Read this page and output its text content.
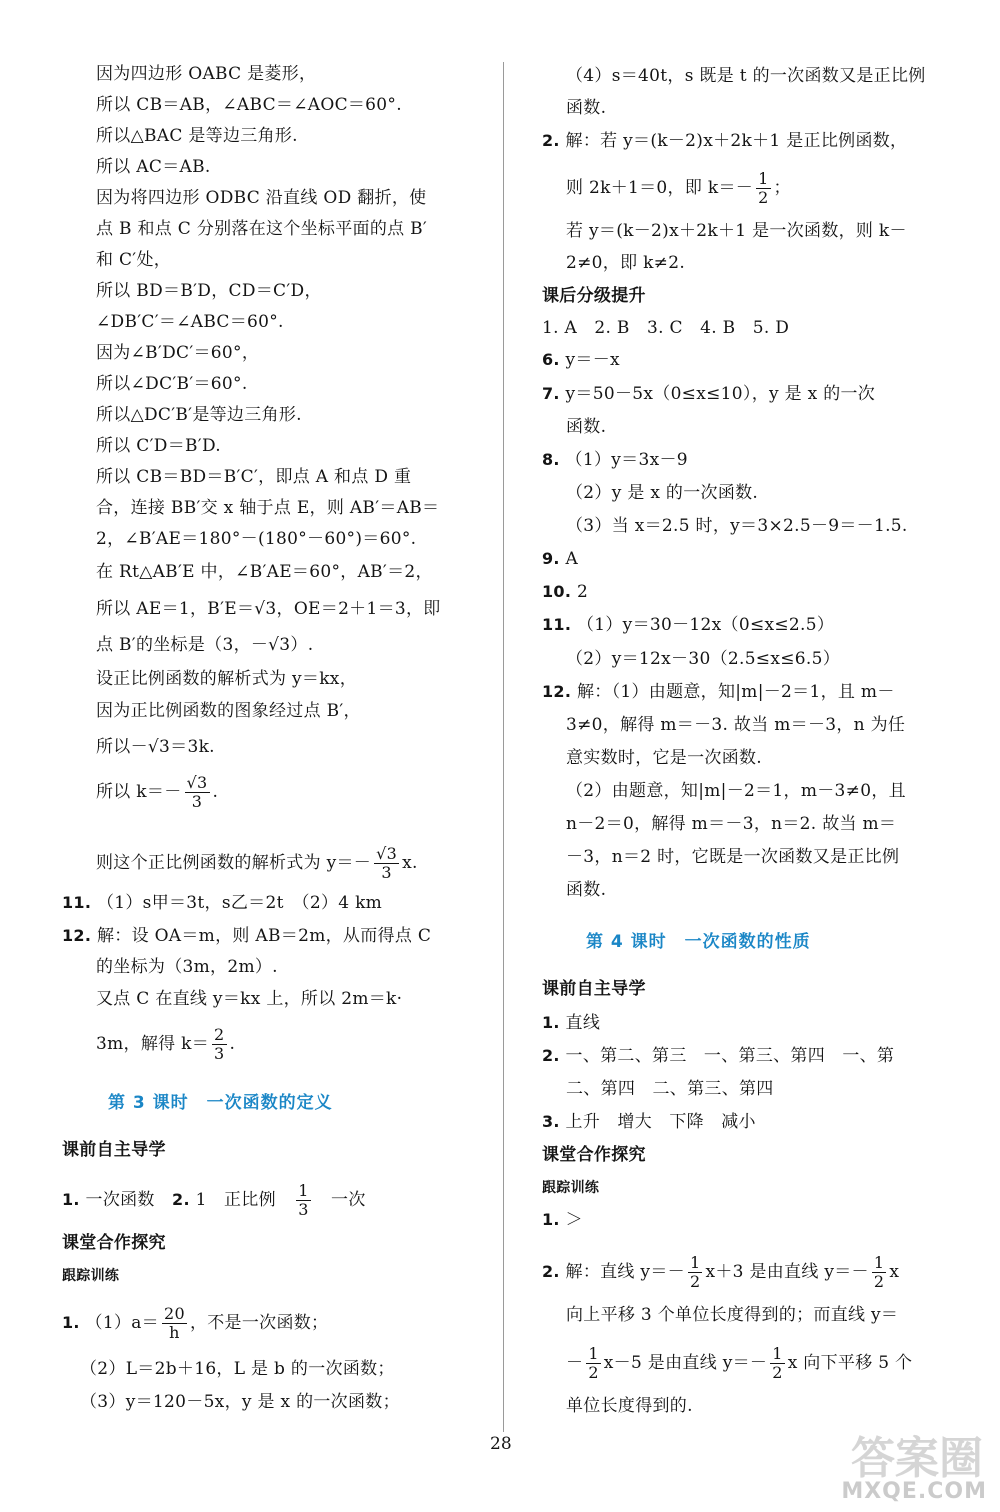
因为四边形 OABC 是菱形，
所以 CB＝AB，∠ABC＝∠AOC＝60°.
所以△BAC 是等边三角形.
所以 AC＝AB.
因为将四边形 ODBC 沿直线 OD 翻折，使
点 B 和点 C 分别落在这个坐标平面的点 B′
和 C′处，
所以 BD＝B′D，CD＝C′D，
∠DB′C′＝∠ABC＝60°.
因为∠B′DC′＝60°，
所以∠DC′B′＝60°.
所以△DC′B′是等边三角形.
所以 C′D＝B′D.
所以 CB＝BD＝B′C′，即点 A 和点 D 重
合，连接 BB′交 x 轴于点 E，则 AB′＝AB＝
2，∠B′AE＝180°－(180°－60°)＝60°.
在 Rt△AB′E 中，∠B′AE＝60°，AB′＝2，
所以 AE＝1，B′E＝√3，OE＝2＋1＝3，即
点 B′的坐标是（3，－√3）.
设正比例函数的解析式为 y＝kx，
因为正比例函数的图象经过点 B′，
所以－√3＝3k.
所以 $k=- \frac{√3}{3}$ .
则这个正比例函数的解析式为 $y=- \frac{√3}{3} x$.
11. （1）s甲＝3t，s乙＝2t　（2）4 km
12. 解：设 OA＝m，则 AB＝2m，从而得点 C
的坐标为（3m，2m）.
又点 C 在直线 y＝kx 上，所以 2m＝k·
3m，解得 $k= \frac{2}{3}$ .
第 3 课时　一次函数的定义
课前自主导学
1. 一次函数　 2. 1　正比例　 $\frac{1}{3}$
　 一次
课堂合作探究
跟踪训练
1. $(1)a= \frac{20}{h}$ ，不是一次函数；
（2）L＝2b＋16，L 是 b 的一次函数；
（3）y＝120－5x，y 是 x 的一次函数；
（4）s＝40t，s 既是 t 的一次函数又是正比例
函数.
2. 解：若 y＝(k－2)x＋2k＋1 是正比例函数，
则 2k＋1＝0，即 $k=- \frac{1}{2}$ ；
若 y＝(k－2)x＋2k＋1 是一次函数，则 k－
2≠0，即 k≠2.
课后分级提升
1. A　2. B　3. C　4. B　5. D
6. y＝－x
7. y＝50－5x（0≤x≤10），y 是 x 的一次
函数.
8. （1）y＝3x－9
（2）y 是 x 的一次函数.
（3）当 x＝2.5 时，y＝3×2.5－9＝－1.5.
9. A
10. 2
11. （1）y＝30－12x（0≤x≤2.5）
（2）y＝12x－30（2.5≤x≤6.5）
12. 解：（1）由题意，知|m|－2＝1，且 m－
3≠0，解得 m＝－3. 故当 m＝－3，n 为任
意实数时，它是一次函数.
（2）由题意，知|m|－2＝1，m－3≠0，且
n－2＝0，解得 m＝－3，n＝2. 故当 m＝
－3，n＝2 时，它既是一次函数又是正比例
函数.
第 4 课时　一次函数的性质
课前自主导学
1. 直线
2. 一、第二、第三　一、第三、第四　一、第
二、第四　二、第三、第四
3. 上升　增大　下降　减小
课堂合作探究
跟踪训练
1. ＞
2. 解：直线 $y=- \frac{1}{2} x+3$ 是由直线 $y=- \frac{1}{2}$ x
向上平移 3 个单位长度得到的；而直线 y＝
－ $\frac{1}{2} x-5$ 是由直线 $y=- \frac{1}{2}$ x 向下平移 5 个
单位长度得到的.
28	答案圈
MXQE.COM
